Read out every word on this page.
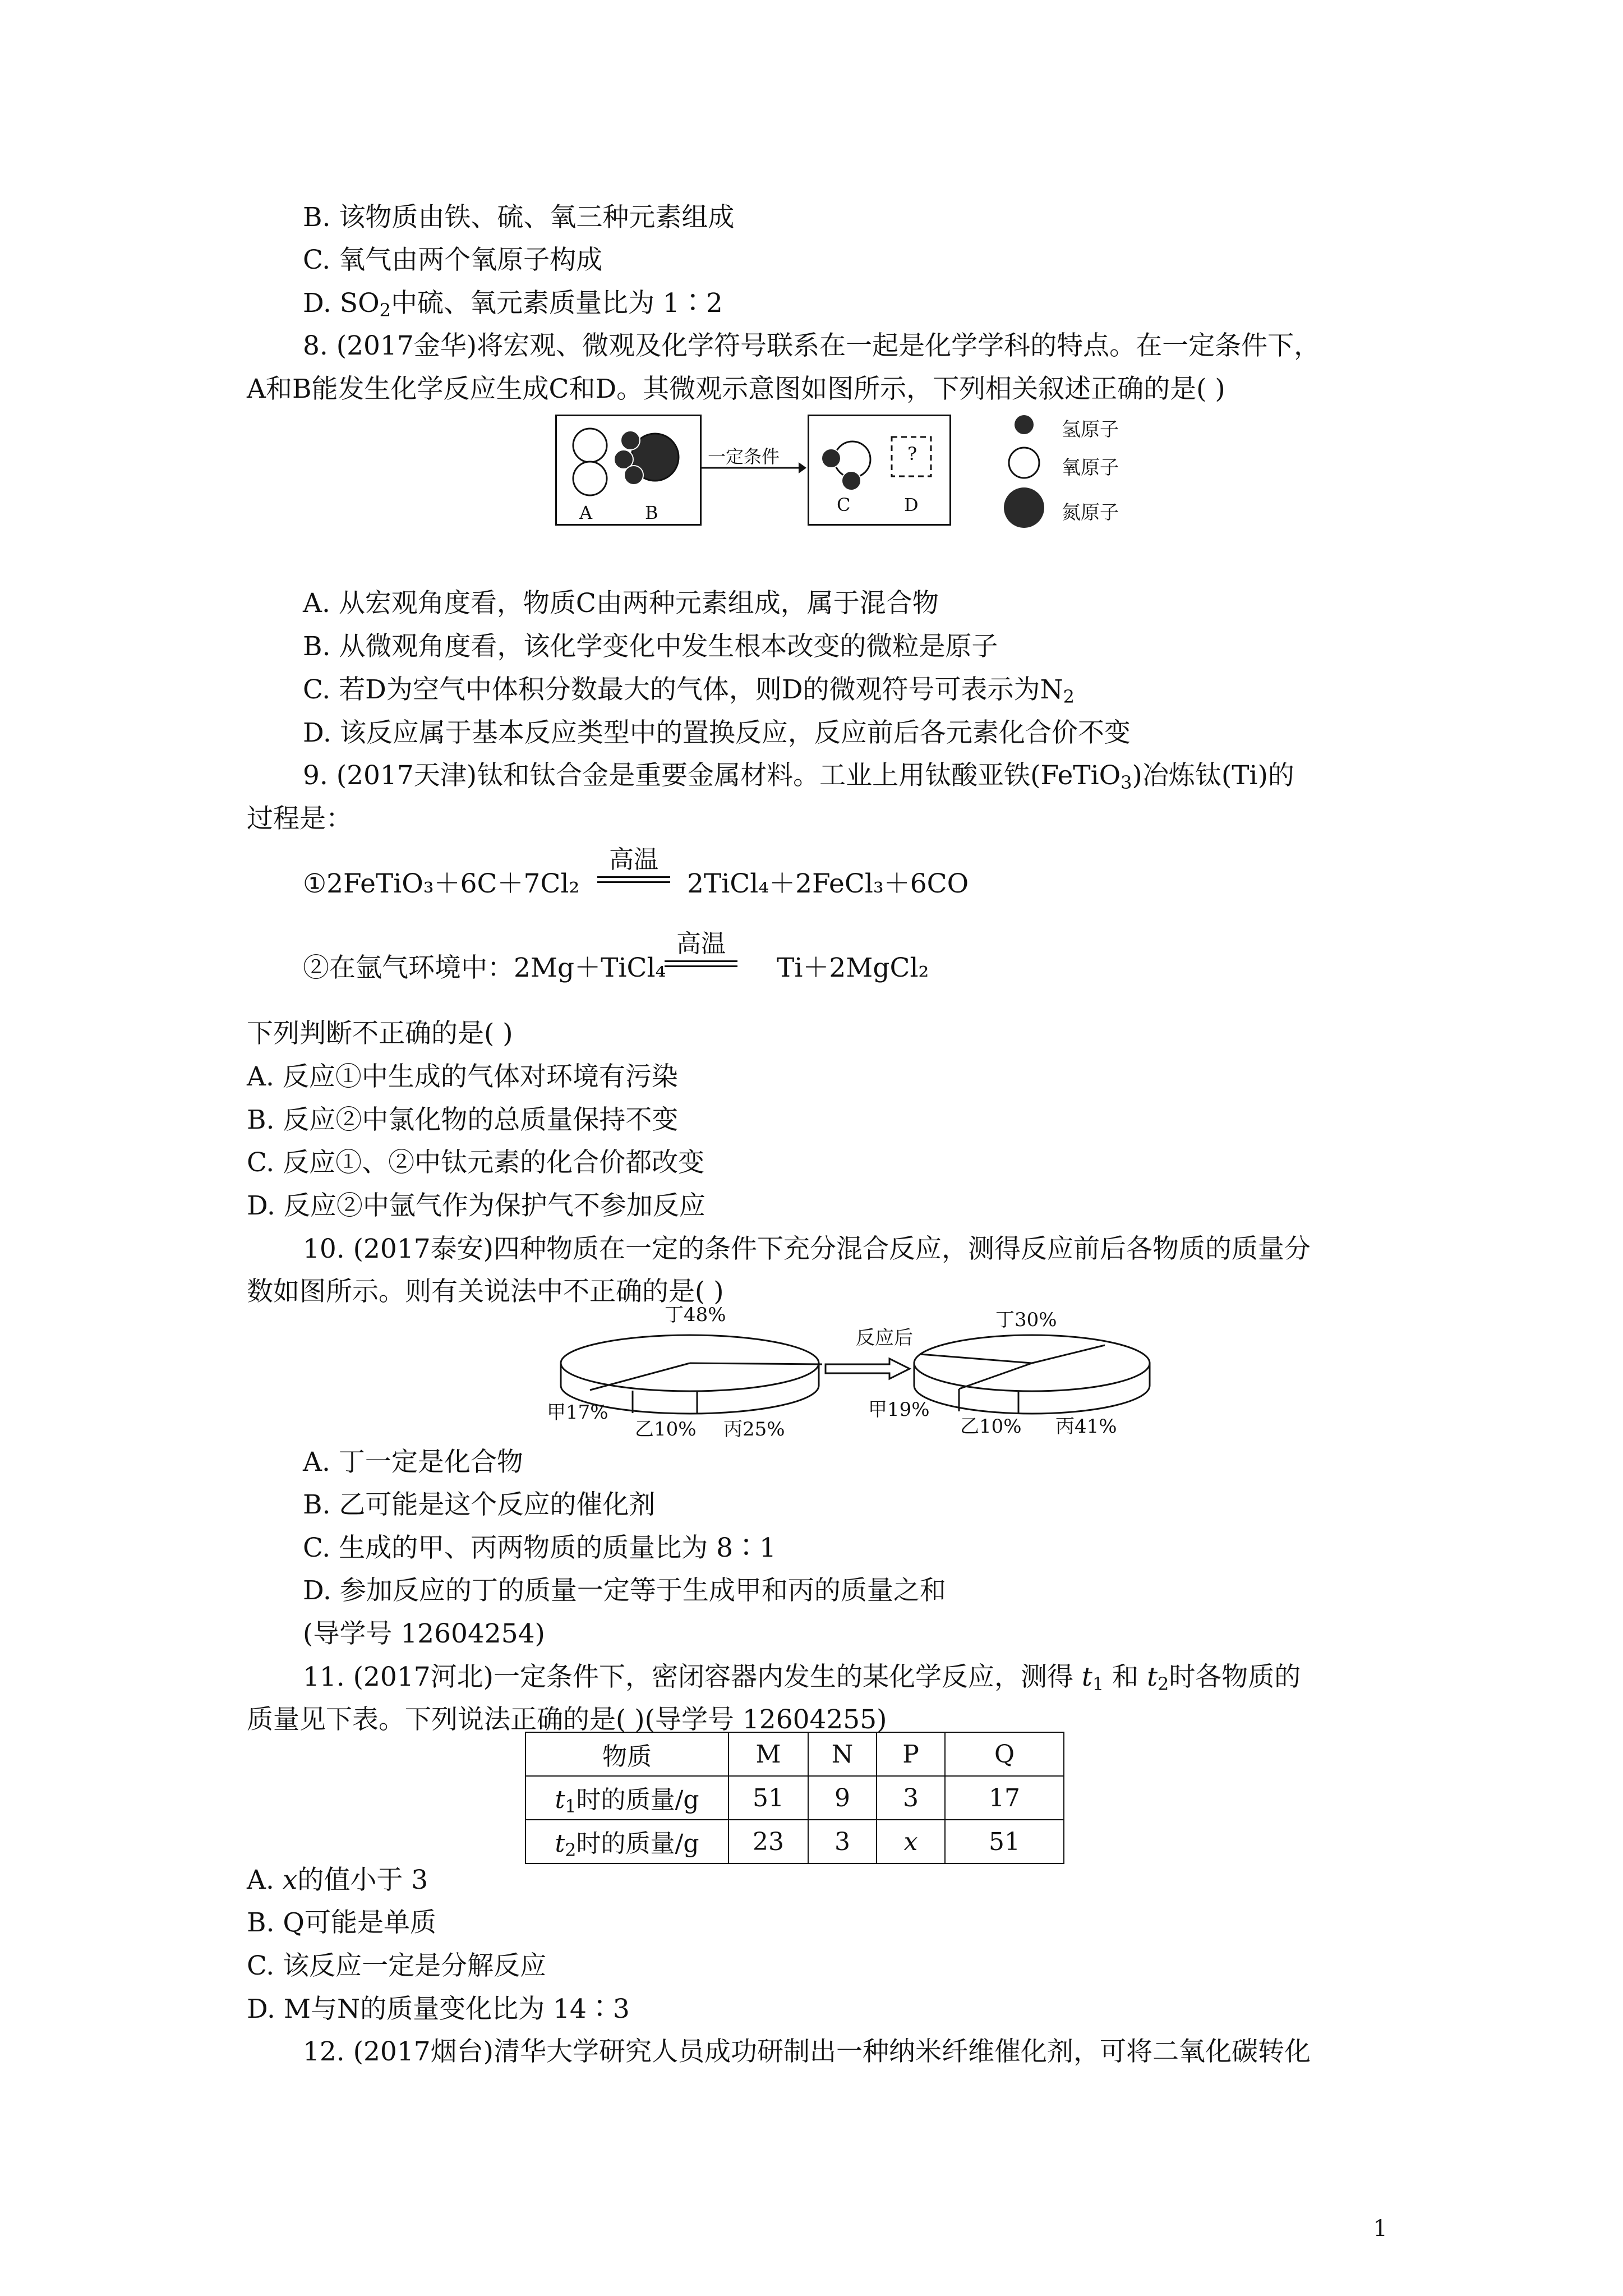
B. 该物质由铁、硫、氧三种元素组成
C. 氧气由两个氧原子构成
D. $SO_2$中硫、氧元素质量比为 1∶2
8. (2017金华)将宏观、微观及化学符号联系在一起是化学学科的特点。在一定条件下，
A和B能发生化学反应生成C和D。其微观示意图如图所示，下列相关叙述正确的是( )
A	B
一定条件	?
C	D
氢原子
氧原子
氮原子
A. 从宏观角度看，物质C由两种元素组成，属于混合物
B. 从微观角度看，该化学变化中发生根本改变的微粒是原子
C. 若D为空气中体积分数最大的气体，则D的微观符号可表示为$N_2$
D. 该反应属于基本反应类型中的置换反应，反应前后各元素化合价不变
9. (2017天津)钛和钛合金是重要金属材料。工业上用钛酸亚铁(FeTiO$_3$)冶炼钛(Ti)的
过程是：
①2FeTiO₃＋6C＋7Cl₂
高温
2TiCl₄＋2FeCl₃＋6CO
②在氩气环境中：2Mg＋TiCl₄
高温
Ti＋2MgCl₂
下列判断不正确的是( )
A. 反应①中生成的气体对环境有污染
B. 反应②中氯化物的总质量保持不变
C. 反应①、②中钛元素的化合价都改变
D. 反应②中氩气作为保护气不参加反应
10. (2017泰安)四种物质在一定的条件下充分混合反应，测得反应前后各物质的质量分
数如图所示。则有关说法中不正确的是( )
丁48%
甲17%
乙10% 丙25%
反应后
丁30%
甲19%
乙10% 丙41%
A. 丁一定是化合物
B. 乙可能是这个反应的催化剂
C. 生成的甲、丙两物质的质量比为 8∶1
D. 参加反应的丁的质量一定等于生成甲和丙的质量之和
(导学号 12604254)
11. (2017河北)一定条件下，密闭容器内发生的某化学反应，测得 $t_1$ 和 $t_2$时各物质的
质量见下表。下列说法正确的是( )(导学号 12604255)
物质	M	N	P	Q
$t_1$时的质量/g	51	9	3	17
$t_2$时的质量/g	23	3	x	51
A. x的值小于 3
B. Q可能是单质
C. 该反应一定是分解反应
D. M与N的质量变化比为 14∶3
12. (2017烟台)清华大学研究人员成功研制出一种纳米纤维催化剂，可将二氧化碳转化
1
